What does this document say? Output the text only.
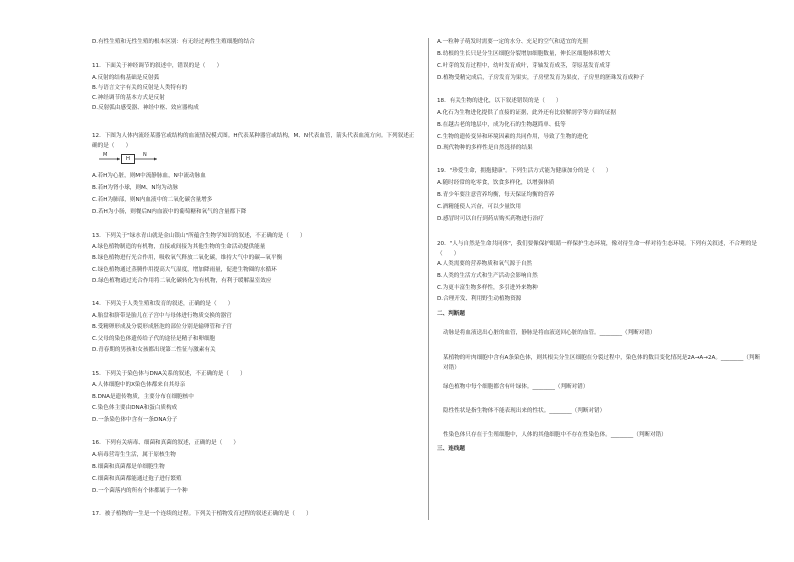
D.有性生殖和无性生殖的根本区别：有无经过两性生殖细胞的结合
11．下面关于神经调节的叙述中，错误的是（　　）
A.反射的结构基础是反射弧
B.与语言文字有关的反射是人类特有的
C.神经调节的基本方式是反射
D.反射弧由感受器、神经中枢、效应器构成
12．下图为人体内流经某器官或结构的血流情况模式图。H代表某种器官或结构，M、N代表血管，箭头代表血流方向。下列叙述正确的是（　　）
M
H
N
A.若H为心脏，则M中流静脉血，N中流动脉血
B.若H为肾小球，则M、N均为动脉
C.若H为肺部，则N内血液中的二氧化碳含量增多
D.若H为小肠，则餐后N内血液中的葡萄糖和氧气的含量都下降
13．下列关于"绿水青山就是金山银山"所蕴含生物学知识的叙述，不正确的是（　　）
A.绿色植物制造的有机物，直接或间接为其他生物的生命活动提供能量
B.绿色植物进行光合作用，吸收氧气释放二氧化碳，维持大气中的碳—氧平衡
C.绿色植物通过蒸腾作用提高大气湿度，增加降雨量，促进生物圈的水循环
D.绿色植物通过光合作用将二氧化碳转化为有机物，有利于缓解温室效应
14．下列关于人类生殖和发育的叙述，正确的是（　　）
A.胎盘和脐带是胎儿在子宫中与母体进行物质交换的器官
B.受精卵形成及分裂形成胚泡的部位分别是输卵管和子宫
C.父母的染色体遗传给子代的途径是精子和卵细胞
D.青春期的男孩和女孩都出现第二性征与激素有关
15．下列关于染色体与DNA关系的叙述，不正确的是（　　）
A.人体细胞中的X染色体都来自其母亲
B.DNA是遗传物质，主要分布在细胞核中
C.染色体主要由DNA和蛋白质构成
D.一条染色体中含有一条DNA分子
16．下列有关病毒、细菌和真菌的叙述，正确的是（　　）
A.病毒营寄生生活，属于原核生物
B.细菌和真菌都是单细胞生物
C.细菌和真菌都能通过孢子进行繁殖
D.一个菌落内的所有个体都属于一个种
17．被子植物的一生是一个连续的过程。下列关于植物发育过程的叙述正确的是（　　）
A.一粒种子萌发时需要一定的水分、充足的空气和适宜的光照
B.幼根的生长只是分生区细胞分裂增加细胞数量，伸长区细胞体积增大
C.叶芽的发育过程中，幼叶发育成叶，芽轴发育成茎，芽原基发育成芽
D.植物受精完成后，子房发育为果实，子房壁发育为果皮，子房里的胚珠发育成种子
18．有关生物的进化，以下叙述错误的是（　　）
A.化石为生物进化提供了直接的证据，此外还有比较解剖学等方面的证据
B.在越古老的地层中，成为化石的生物越简单、低等
C.生物的遗传变异和环境因素的共同作用，导致了生物的进化
D.现代物种的多样性是自然选择的结果
19．"珍爱生命，拥抱健康"。下列生活方式能为健康加分的是（　　）
A.随时经常的吃零食，饮食多样化，以增强体质
B.青少年要注意营养均衡，每天保证均衡的营养
C.酒精能使人兴奋，可以少量饮用
D.感冒时可以自行到药店购买药物进行治疗
20．"人与自然是生命共同体"，我们要像保护眼睛一样保护生态环境，像对待生命一样对待生态环境。下列有关叙述，不合理的是（　　）
A.人类需要的营养物质和氧气源于自然
B.人类的生活方式和生产活动会影响自然
C.为更丰富生物多样性，多引进外来物种
D.合理开发、利用野生动植物资源
二、判断题
动脉是将血液送出心脏的血管，静脉是将血液送回心脏的血管。________（判断对错）
某植物的叶肉细胞中含有A条染色体，则其根尖分生区细胞在分裂过程中，染色体的数目变化情况是2A→A→2A。________（判断对错）
绿色植物中每个细胞都含有叶绿体。________（判断对错）
隐性性状是指生物体不能表现出来的性状。________（判断对错）
性染色体只存在于生殖细胞中，人体的其他细胞中不存在性染色体。________（判断对错）
三、连线题
